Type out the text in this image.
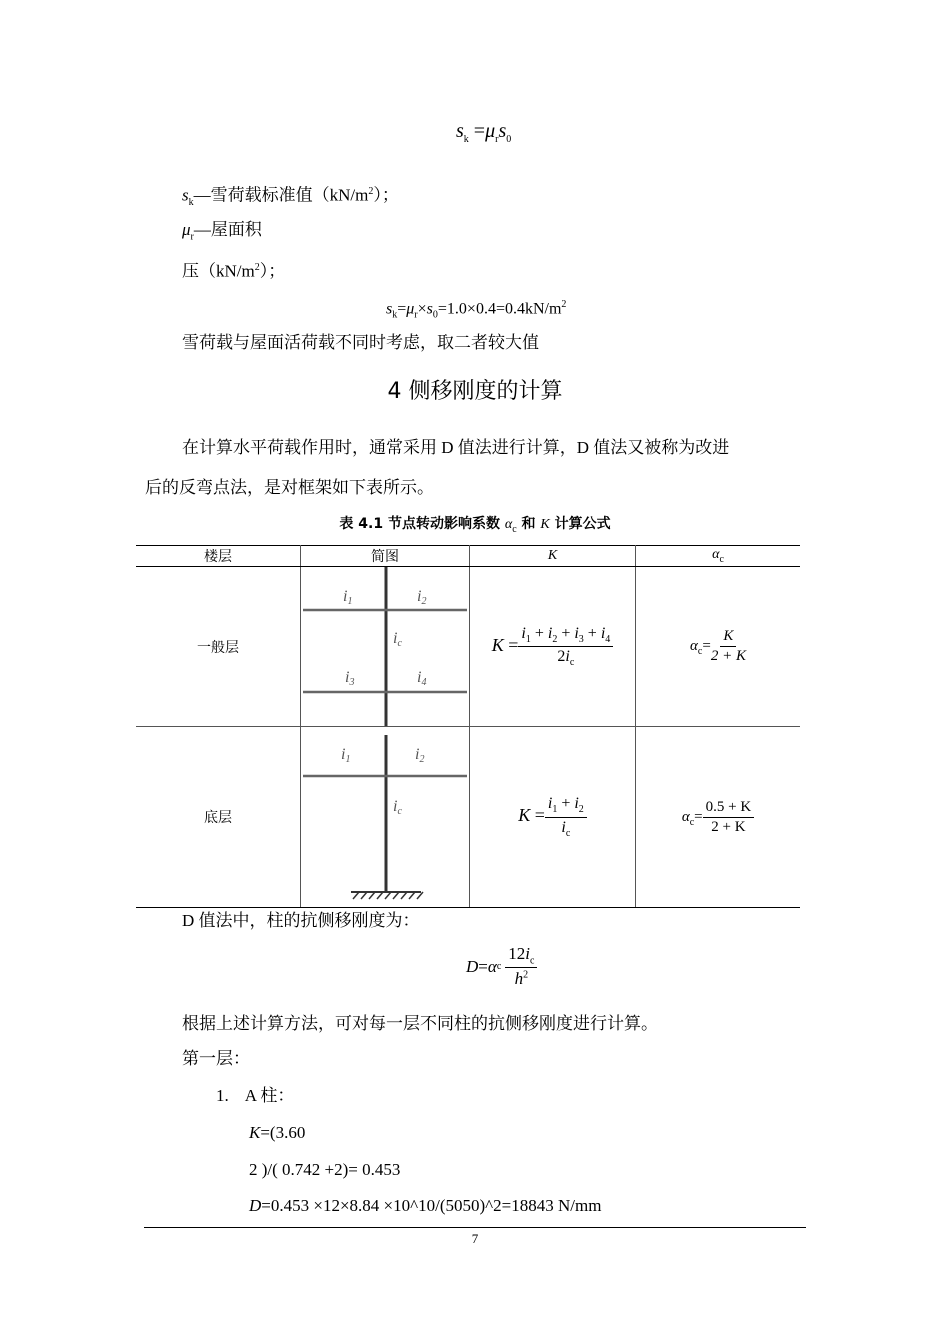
$s_k =\mu_rs_0$
$s_k—$雪荷载标准值$(kN/m^2)$；
$\mu_r—$屋面积
压$(kN/m^2)$；
$s_k=\mu_r\times s_0=1.0\times 0.4=0.4kN/m^2$
雪荷载与屋面活荷载不同时考虑，取二者较大值
4 侧移刚度的计算
在计算水平荷载作用时，通常采用 D 值法进行计算，D 值法又被称为改进
后的反弯点法，是对框架如下表所示。
表 4.1 节点转动影响系数 $\alpha_c$ 和 K 计算公式
楼层	简图	K	$\alpha_c$
一般层	i1 i2
ic
i3 i4	$K = \frac{i_1 + i_2 + i_3 + i_4}{2i_c}$	$\alpha_c= \frac{K}{2 + K}$

底层	i1 i2
ic	$K = \frac{i_1 + i_2}{i_c}$	$\alpha_c= \frac{0.5 + K}{2 + K}$
D 值法中，柱的抗侧移刚度为：
D = α c $\frac{12i_c}{h^2}$
根据上述计算方法，可对每一层不同柱的抗侧移刚度进行计算。
第一层：
1. A 柱：
K=(3.60
2 )/( 0.742 +2)= 0.453
D=0.453 ×12×8.84 ×10^10/(5050)^2=18843 N/mm
7
